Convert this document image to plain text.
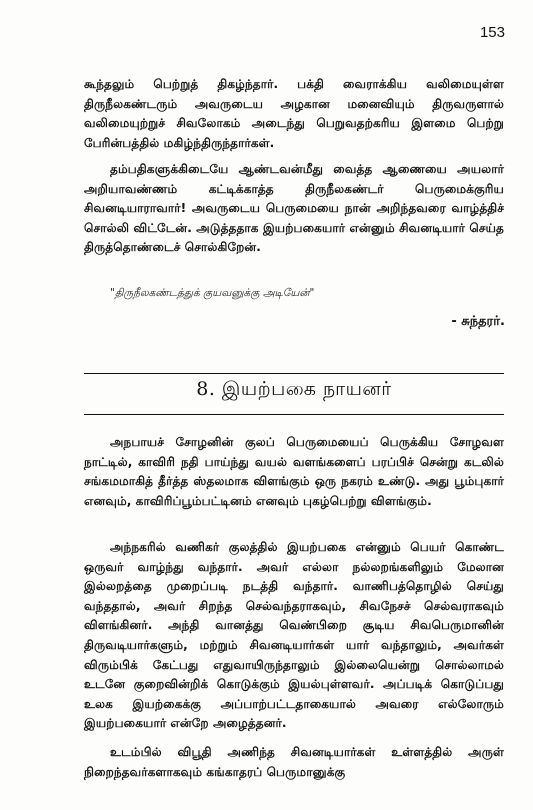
153

கூந்தலும் பெற்றுத் திகழ்ந்தார். பக்தி வைராக்கிய வலிமையுள்ள திருநீலகண்டரும் அவருடைய அழகான மனைவியும் திருவருளால் வலிமையுற்றுச் சிவலோகம் அடைந்து பெறுவதற்கரிய இளமை பெற்று பேரின்பத்தில் மகிழ்ந்திருந்தார்கள்.

தம்பதிகளுக்கிடையே ஆண்டவன்மீது வைத்த ஆணையை அயலார் அறியாவண்ணம் கட்டிக்காத்த திருநீலகண்டர் பெருமைக்குரிய சிவனடியாராவார்! அவருடைய பெருமையை நான் அறிந்தவரை வாழ்த்திச் சொல்லி விட்டேன். அடுத்ததாக இயற்பகையார் என்னும் சிவனடியார் செய்த திருத்தொண்டைச் சொல்கிறேன்.

"திருநீலகண்டத்துக் குயவனுக்கு அடியேன்"
- சுந்தரர்.
8. இயற்பகை நாயனர்

அநபாயச் சோழனின் குலப் பெருமையைப் பெருக்கிய சோழவள நாட்டில், காவிரி நதி பாய்ந்து வயல் வளங்களைப் பரப்பிச் சென்று கடலில் சங்கமமாகித் தீர்த்த ஸ்தலமாக விளங்கும் ஒரு நகரம் உண்டு. அது பூம்புகார் எனவும், காவிரிப்பூம்பட்டினம் எனவும் புகழ்பெற்று விளங்கும்.

அந்நகரில் வணிகர் குலத்தில் இயற்பகை என்னும் பெயர் கொண்ட ஒருவர் வாழ்ந்து வந்தார். அவர் எல்லா நல்லறங்களிலும் மேலான இல்லறத்தை முறைப்படி நடத்தி வந்தார். வாணிபத்தொழில் செய்து வந்ததால், அவர் சிறந்த செல்வந்தராகவும், சிவநேசச் செல்வராகவும் விளங்கினர். அந்தி வானத்து வெண்பிறை சூடிய சிவபெருமானின் திருவடியார்களும், மற்றும் சிவனடியார்கள் யார் வந்தாலும், அவர்கள் விரும்பிக் கேட்பது எதுவாயிருந்தாலும் இல்லையென்று சொல்லாமல் உடனே குறைவின்றிக் கொடுக்கும் இயல்புள்ளவர். அப்படிக் கொடுப்பது உலக இயற்கைக்கு அப்பாற்பட்டதாகையால் அவரை எல்லோரும் இயற்பகையார் என்றே அழைத்தனர்.

உடம்பில் விபூதி அணிந்த சிவனடியார்கள் உள்ளத்தில் அருள் நிறைந்தவர்களாகவும் கங்காதரப் பெருமானுக்கு
